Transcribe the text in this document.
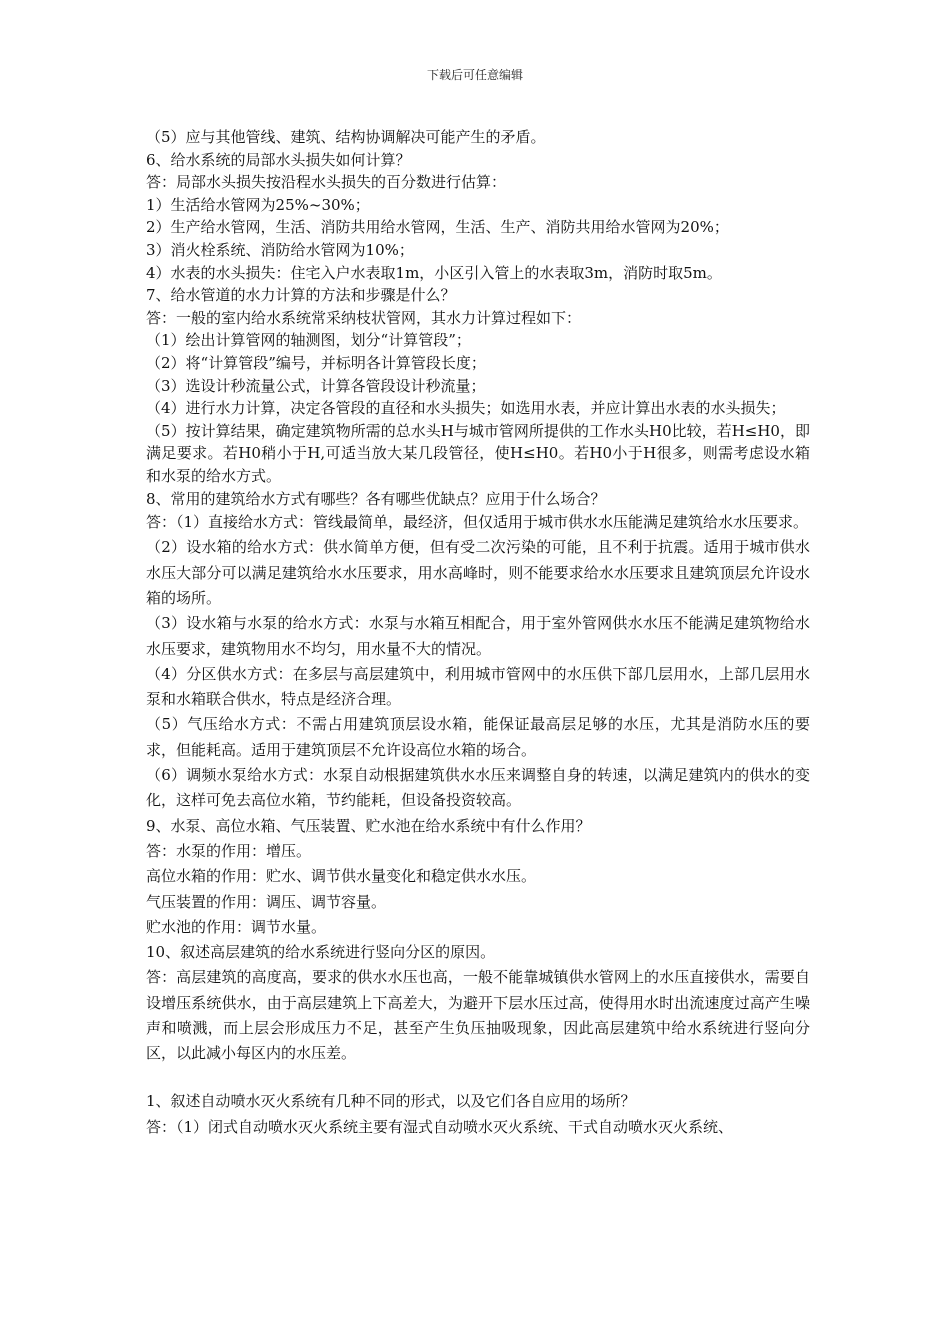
下载后可任意编辑

（5）应与其他管线、建筑、结构协调解决可能产生的矛盾。

6、给水系统的局部水头损失如何计算？

答：局部水头损失按沿程水头损失的百分数进行估算：

1）生活给水管网为25%~30%；

2）生产给水管网，生活、消防共用给水管网，生活、生产、消防共用给水管网为20%；

3）消火栓系统、消防给水管网为10%；

4）水表的水头损失：住宅入户水表取1m，小区引入管上的水表取3m，消防时取5m。

7、给水管道的水力计算的方法和步骤是什么？

答：一般的室内给水系统常采纳枝状管网，其水力计算过程如下：

（1）绘出计算管网的轴测图，划分“计算管段”；

（2）将“计算管段”编号，并标明各计算管段长度；

（3）选设计秒流量公式，计算各管段设计秒流量；

（4）进行水力计算，决定各管段的直径和水头损失；如选用水表，并应计算出水表的水头损失；

（5）按计算结果，确定建筑物所需的总水头H与城市管网所提供的工作水头H0比较，若H≤H0，即满足要求。若H0稍小于H,可适当放大某几段管径，使H≤H0。若H0小于H很多，则需考虑设水箱和水泵的给水方式。

8、常用的建筑给水方式有哪些？各有哪些优缺点？应用于什么场合？

答：（1）直接给水方式：管线最简单，最经济，但仅适用于城市供水水压能满足建筑给水水压要求。

（2）设水箱的给水方式：供水简单方便，但有受二次污染的可能，且不利于抗震。适用于城市供水水压大部分可以满足建筑给水水压要求，用水高峰时，则不能要求给水水压要求且建筑顶层允许设水箱的场所。

（3）设水箱与水泵的给水方式：水泵与水箱互相配合，用于室外管网供水水压不能满足建筑物给水水压要求，建筑物用水不均匀，用水量不大的情况。

（4）分区供水方式：在多层与高层建筑中，利用城市管网中的水压供下部几层用水，上部几层用水泵和水箱联合供水，特点是经济合理。

（5）气压给水方式：不需占用建筑顶层设水箱，能保证最高层足够的水压，尤其是消防水压的要求，但能耗高。适用于建筑顶层不允许设高位水箱的场合。

（6）调频水泵给水方式：水泵自动根据建筑供水水压来调整自身的转速，以满足建筑内的供水的变化，这样可免去高位水箱，节约能耗，但设备投资较高。

9、水泵、高位水箱、气压装置、贮水池在给水系统中有什么作用？

答：水泵的作用：增压。

高位水箱的作用：贮水、调节供水量变化和稳定供水水压。

气压装置的作用：调压、调节容量。

贮水池的作用：调节水量。

10、叙述高层建筑的给水系统进行竖向分区的原因。

答：高层建筑的高度高，要求的供水水压也高，一般不能靠城镇供水管网上的水压直接供水，需要自设增压系统供水，由于高层建筑上下高差大，为避开下层水压过高，使得用水时出流速度过高产生噪声和喷溅，而上层会形成压力不足，甚至产生负压抽吸现象，因此高层建筑中给水系统进行竖向分区，以此减小每区内的水压差。

1、叙述自动喷水灭火系统有几种不同的形式，以及它们各自应用的场所？

答：（1）闭式自动喷水灭火系统主要有湿式自动喷水灭火系统、干式自动喷水灭火系统、
